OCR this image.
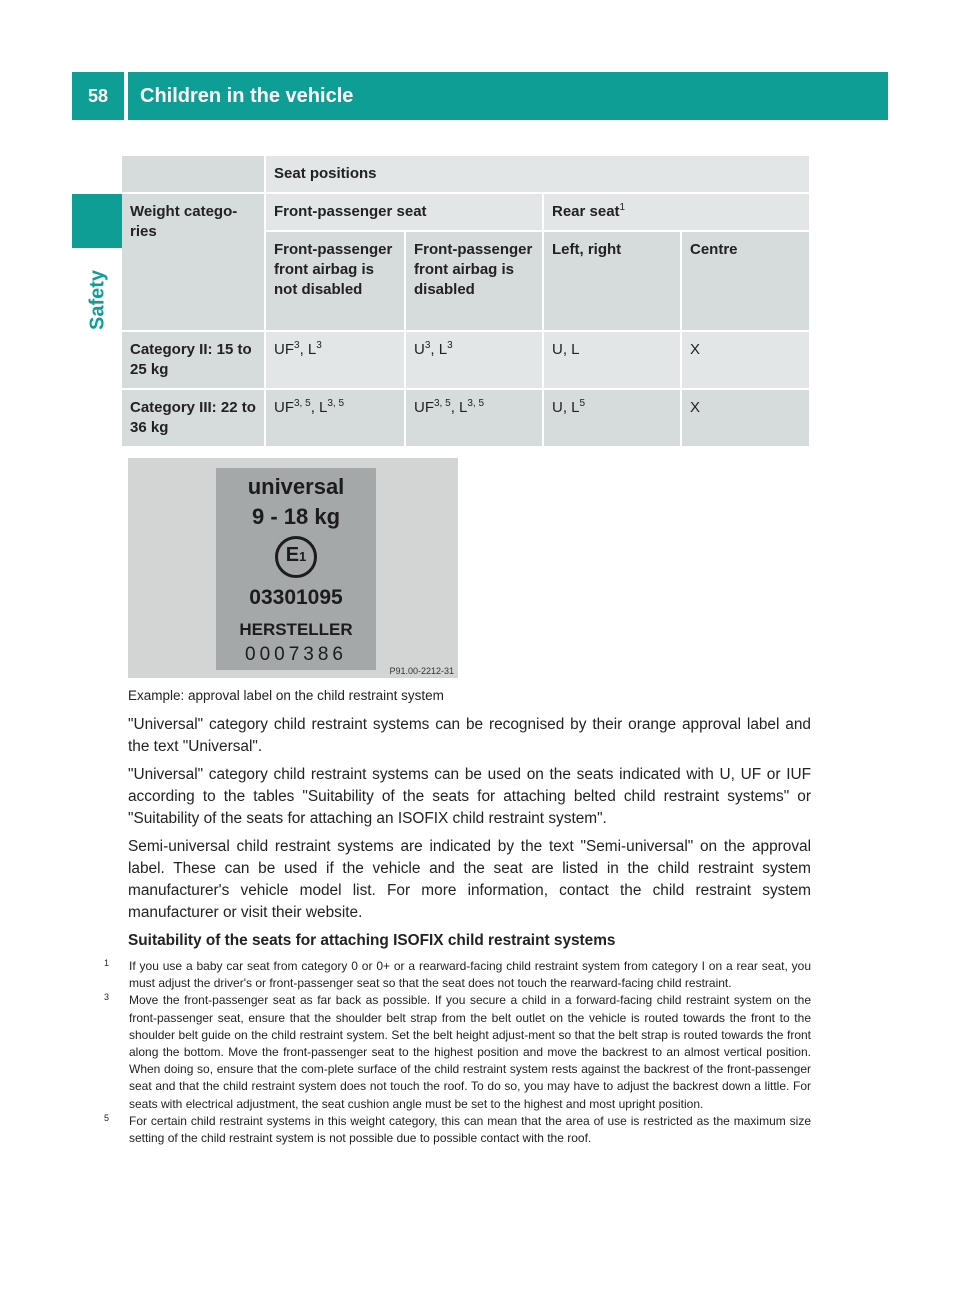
58	Children in the vehicle
Safety
	Seat positions			
Weight catego-ries	Front-passenger seat		Rear seat$^1$
	Front-passenger front airbag is not disabled	Front-passenger front airbag is disabled	Left, right	Centre
Category II: 15 to 25 kg	$UF^3$, $L^3$	$U^3$, $L^3$	U, L	X
Category III: 22 to 36 kg	UF$^{3, 5}$, L$^{3, 5}$	UF$^{3, 5}$, L$^{3, 5}$	U, $L^5$	X
universal
9 - 18 kg
E1
03301095
HERSTELLER
0007386
P91.00-2212-31
Example: approval label on the child restraint system

"Universal" category child restraint systems can be recognised by their orange approval label and the text "Universal".

"Universal" category child restraint systems can be used on the seats indicated with U, UF or IUF according to the tables "Suitability of the seats for attaching belted child restraint systems" or "Suitability of the seats for attaching an ISOFIX child restraint system".

Semi-universal child restraint systems are indicated by the text "Semi-universal" on the approval label. These can be used if the vehicle and the seat are listed in the child restraint system manufacturer's vehicle model list. For more information, contact the child restraint system manufacturer or visit their website.

Suitability of the seats for attaching ISOFIX child restraint systems
1 If you use a baby car seat from category 0 or 0+ or a rearward-facing child restraint system from category I on a rear seat, you must adjust the driver's or front-passenger seat so that the seat does not touch the rearward-facing child restraint.
3 Move the front-passenger seat as far back as possible. If you secure a child in a forward-facing child restraint system on the front-passenger seat, ensure that the shoulder belt strap from the belt outlet on the vehicle is routed towards the front to the shoulder belt guide on the child restraint system. Set the belt height adjust-ment so that the belt strap is routed towards the front along the bottom. Move the front-passenger seat to the highest position and move the backrest to an almost vertical position. When doing so, ensure that the com-plete surface of the child restraint system rests against the backrest of the front-passenger seat and that the child restraint system does not touch the roof. To do so, you may have to adjust the backrest down a little. For seats with electrical adjustment, the seat cushion angle must be set to the highest and most upright position.
5 For certain child restraint systems in this weight category, this can mean that the area of use is restricted as the maximum size setting of the child restraint system is not possible due to possible contact with the roof.
